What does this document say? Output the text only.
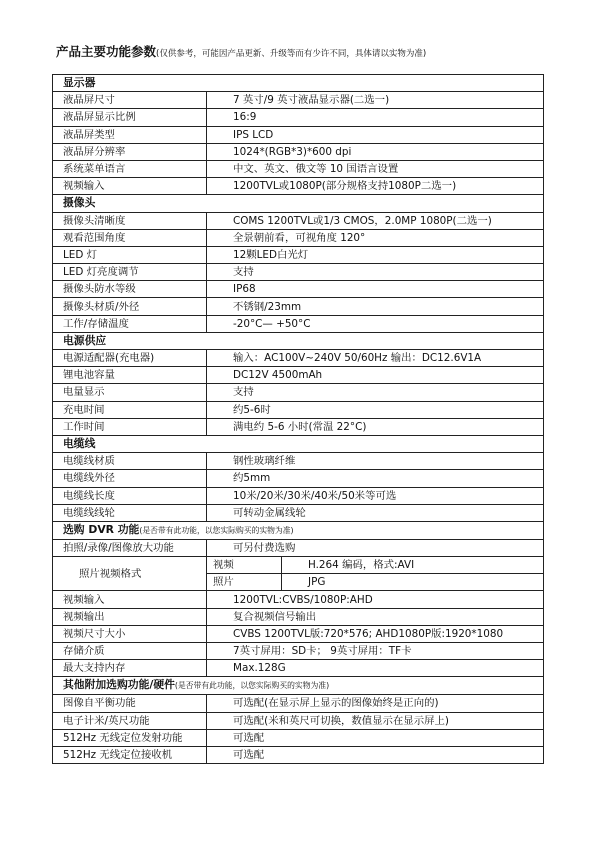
产品主要功能参数(仅供参考，可能因产品更新、升级等而有少许不同，具体请以实物为准)
显示器		
液晶屏尺寸	7 英寸/9 英寸液晶显示器(二选一)	
液晶屏显示比例	16:9	
液晶屏类型	IPS LCD	
液晶屏分辨率	1024*(RGB*3)*600 dpi	
系统菜单语言	中文、英文、俄文等 10 国语言设置	
视频输入	1200TVL或1080P(部分规格支持1080P二选一)	
摄像头		
摄像头清晰度	COMS 1200TVL或1/3 CMOS，2.0MP 1080P(二选一)	
观看范围角度	全景朝前看，可视角度 120°	
LED 灯	12颗LED白光灯	
LED 灯亮度调节	支持	
摄像头防水等级	IP68	
摄像头材质/外径	不锈钢/23mm	
工作/存储温度	-20°C— +50°C	
电源供应		
电源适配器(充电器)	输入：AC100V~240V 50/60Hz 输出：DC12.6V1A	
锂电池容量	DC12V 4500mAh	
电量显示	支持	
充电时间	约5-6时	
工作时间	满电约 5-6 小时(常温 22°C)	
电缆线		
电缆线材质	钢性玻璃纤维	
电缆线外径	约5mm	
电缆线长度	10米/20米/30米/40米/50米等可选	
电缆线线轮	可转动金属线轮	
选购 DVR 功能(是否带有此功能，以您实际购买的实物为准)		
拍照/录像/图像放大功能	可另付费选购	
照片视频格式	视频	H.264 编码，格式:AVI
	照片	JPG
视频输入	1200TVL:CVBS/1080P:AHD	
视频输出	复合视频信号输出	
视频尺寸大小	CVBS 1200TVL版:720*576; AHD1080P版:1920*1080	
存储介质	7英寸屏用：SD卡； 9英寸屏用：TF卡	
最大支持内存	Max.128G	
其他附加选购功能/硬件(是否带有此功能，以您实际购买的实物为准)		
图像自平衡功能	可选配(在显示屏上显示的图像始终是正向的)	
电子计米/英尺功能	可选配(米和英尺可切换，数值显示在显示屏上)	
512Hz 无线定位发射功能	可选配	
512Hz 无线定位接收机	可选配	
